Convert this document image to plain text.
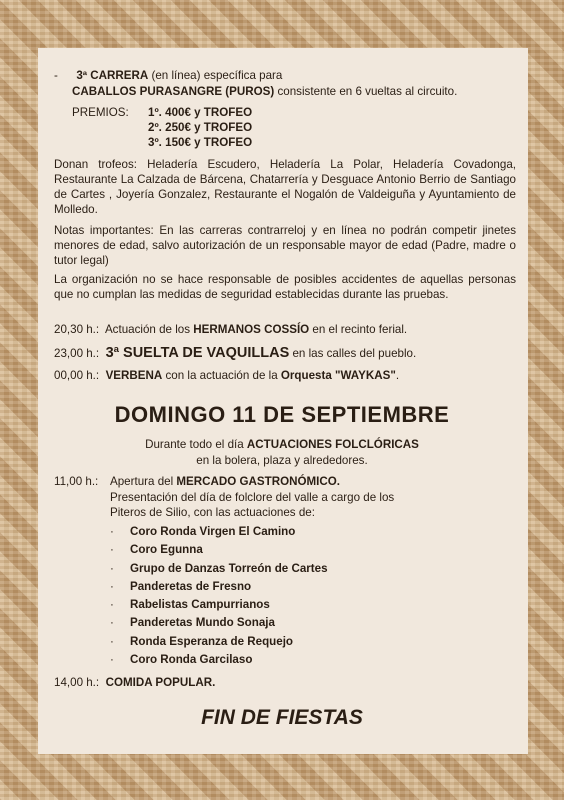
- 3ª CARRERA (en línea) específica para
CABALLOS PURASANGRE (PUROS) consistente en 6 vueltas al circuito.
PREMIOS: 1º. 400€ y TROFEO
2º. 250€ y TROFEO
3º. 150€ y TROFEO
Donan trofeos: Heladería Escudero, Heladería La Polar, Heladería Covadonga, Restaurante La Calzada de Bárcena, Chatarrería y Desguace Antonio Berrio de Santiago de Cartes , Joyería Gonzalez, Restaurante el Nogalón de Valdeiguña y Ayuntamiento de Molledo.
Notas importantes: En las carreras contrarreloj y en línea no podrán competir jinetes menores de edad, salvo autorización de un responsable mayor de edad (Padre, madre o tutor legal)
La organización no se hace responsable de posibles accidentes de aquellas personas que no cumplan las medidas de seguridad establecidas durante las pruebas.
20,30 h.: Actuación de los HERMANOS COSSÍO en el recinto ferial.
23,00 h.: 3ª SUELTA DE VAQUILLAS en las calles del pueblo.
00,00 h.: VERBENA con la actuación de la Orquesta "WAYKAS".
DOMINGO 11 DE SEPTIEMBRE
Durante todo el día ACTUACIONES FOLCLÓRICAS
en la bolera, plaza y alrededores.
11,00 h.: Apertura del MERCADO GASTRONÓMICO.
Presentación del día de folclore del valle a cargo de los
Piteros de Silio, con las actuaciones de:
·	Coro Ronda Virgen El Camino
·	Coro Egunna
·	Grupo de Danzas Torreón de Cartes
·	Panderetas de Fresno
·	Rabelistas Campurrianos
·	Panderetas Mundo Sonaja
·	Ronda Esperanza de Requejo
·	Coro Ronda Garcilaso
14,00 h.: COMIDA POPULAR.
FIN DE FIESTAS
